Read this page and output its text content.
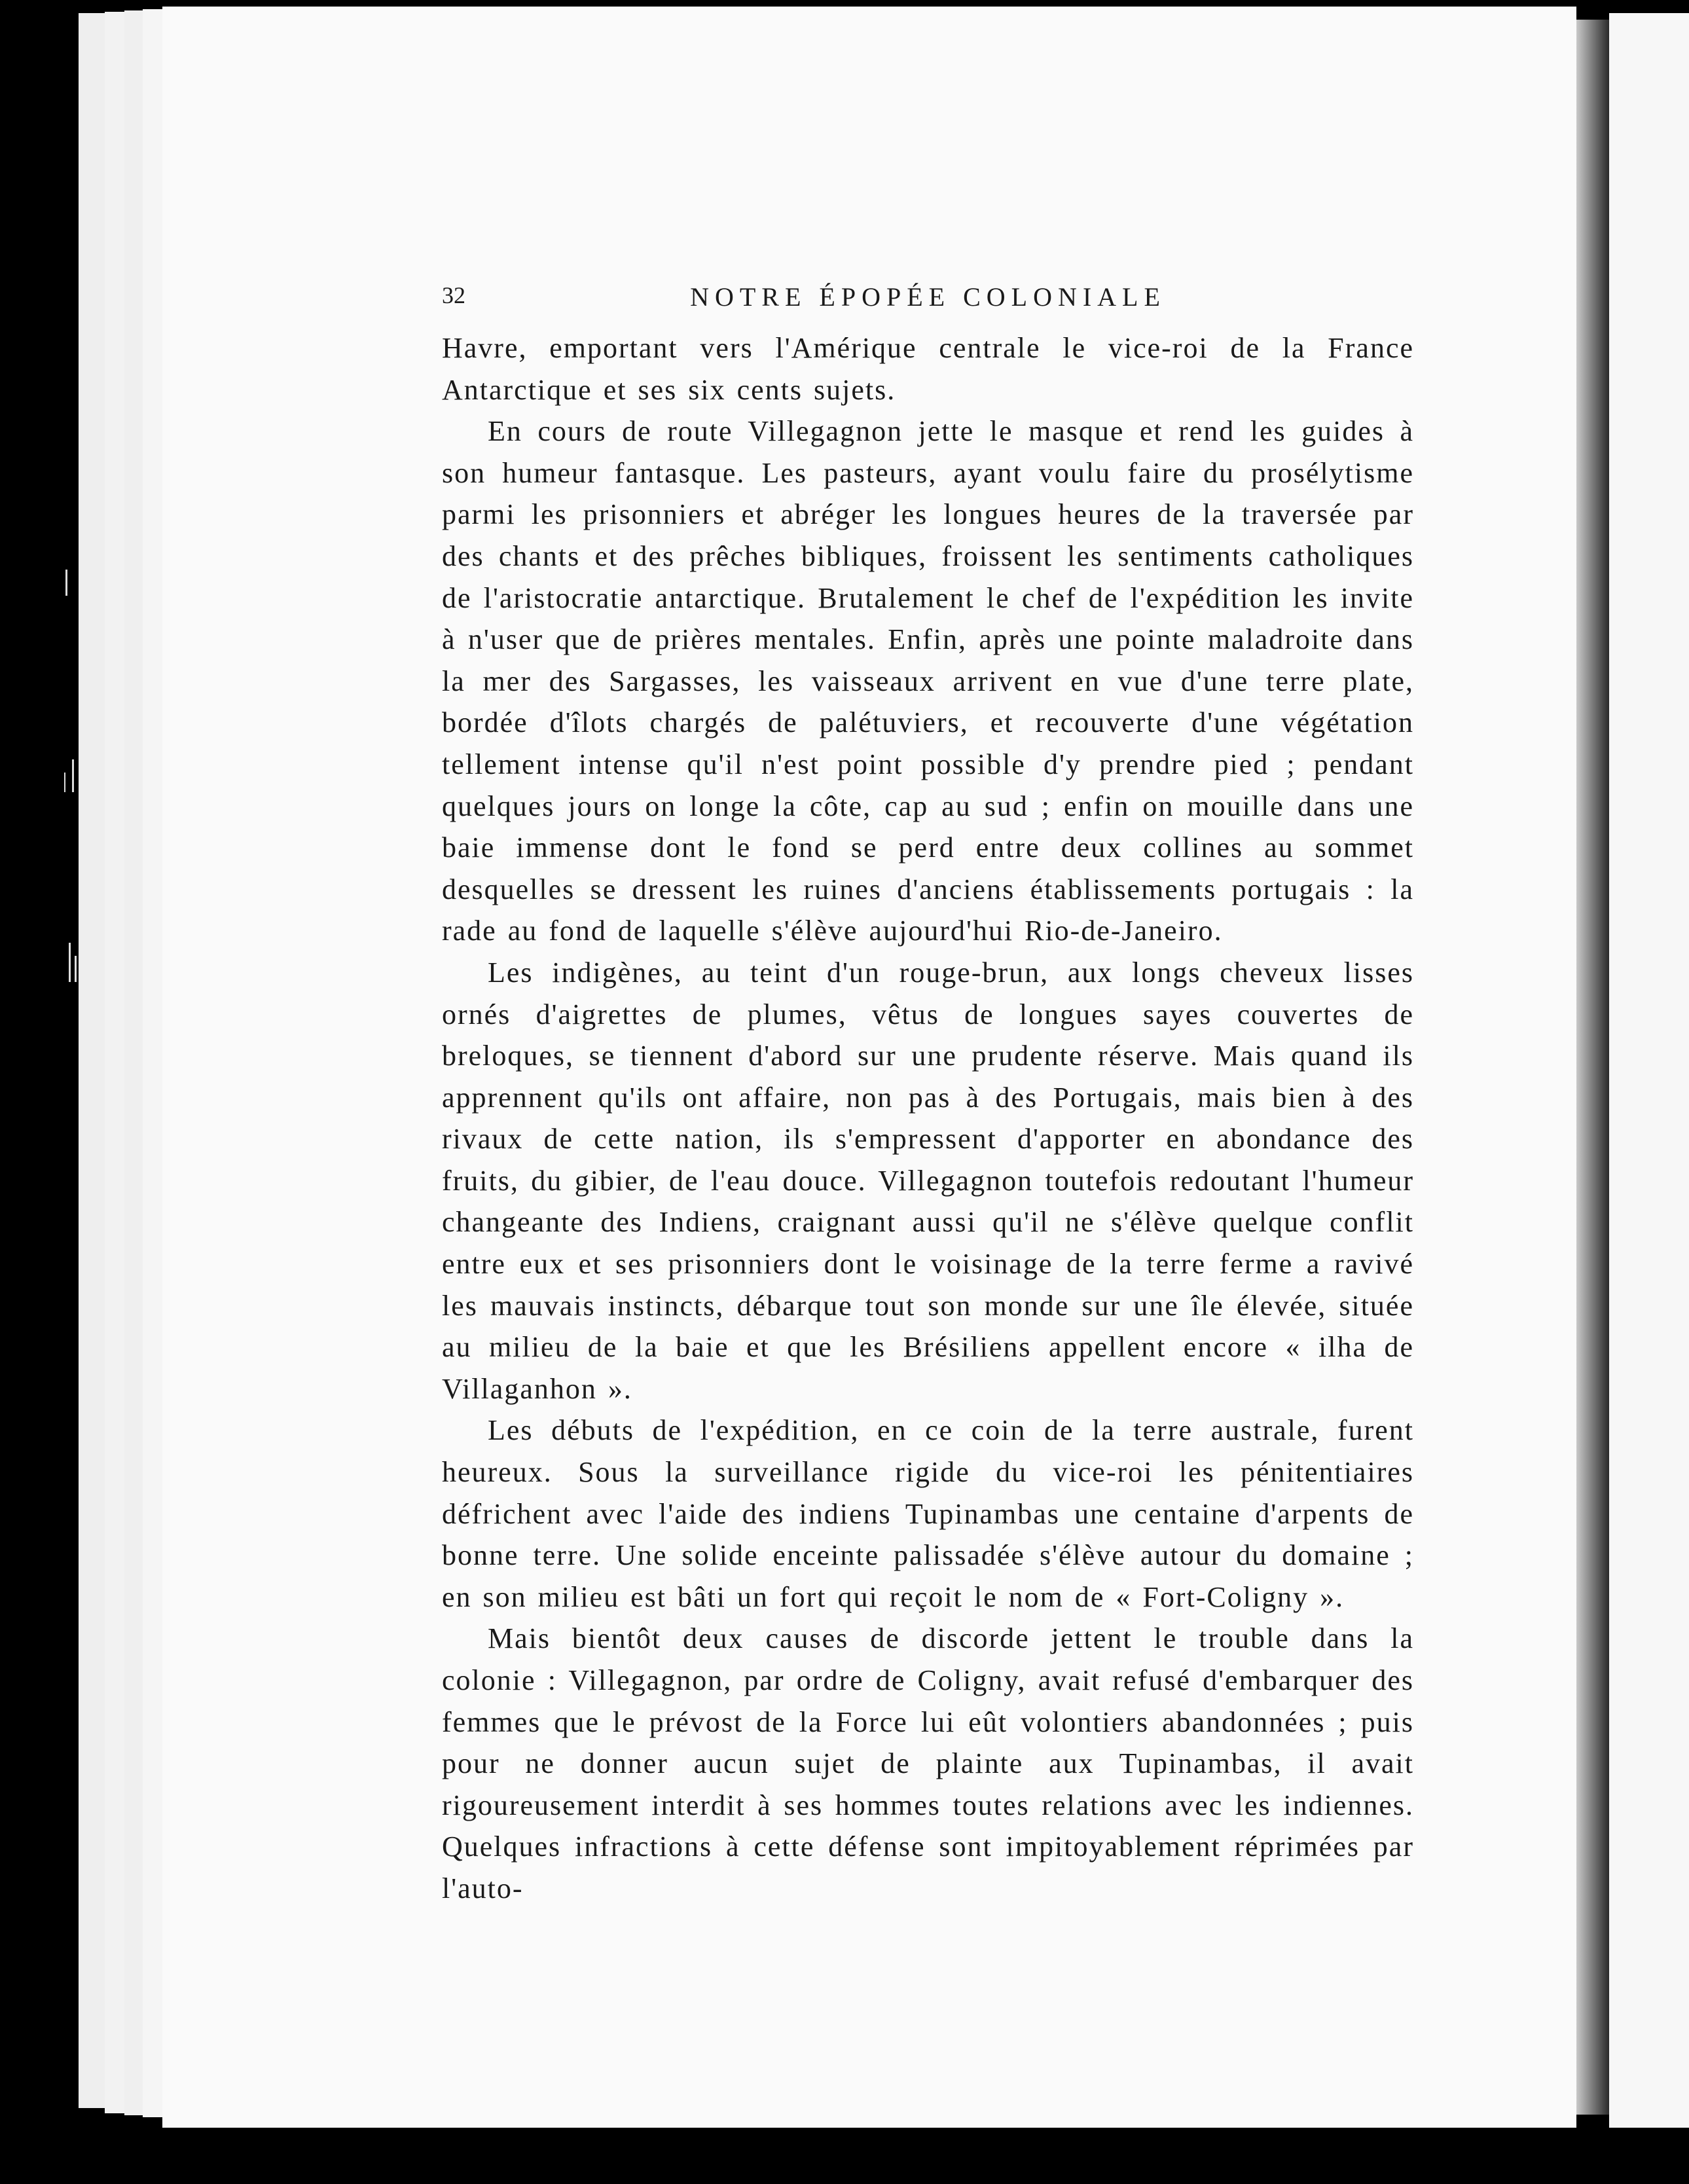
32	NOTRE ÉPOPÉE COLONIALE

Havre, emportant vers l'Amérique centrale le vice-roi de la France Antarctique et ses six cents sujets.

En cours de route Villegagnon jette le masque et rend les guides à son humeur fantasque. Les pasteurs, ayant voulu faire du prosélytisme parmi les prisonniers et abréger les longues heures de la traversée par des chants et des prêches bibliques, froissent les sentiments catholiques de l'aristocratie antarctique. Brutalement le chef de l'expédition les invite à n'user que de prières mentales. Enfin, après une pointe maladroite dans la mer des Sargasses, les vaisseaux arrivent en vue d'une terre plate, bordée d'îlots chargés de palétuviers, et recouverte d'une végétation tellement intense qu'il n'est point possible d'y prendre pied ; pendant quelques jours on longe la côte, cap au sud ; enfin on mouille dans une baie immense dont le fond se perd entre deux collines au sommet desquelles se dressent les ruines d'anciens établissements portugais : la rade au fond de laquelle s'élève aujourd'hui Rio-de-Janeiro.

Les indigènes, au teint d'un rouge-brun, aux longs cheveux lisses ornés d'aigrettes de plumes, vêtus de longues sayes couvertes de breloques, se tiennent d'abord sur une prudente réserve. Mais quand ils apprennent qu'ils ont affaire, non pas à des Portugais, mais bien à des rivaux de cette nation, ils s'empressent d'apporter en abondance des fruits, du gibier, de l'eau douce. Villegagnon toutefois redoutant l'humeur changeante des Indiens, craignant aussi qu'il ne s'élève quelque conflit entre eux et ses prisonniers dont le voisinage de la terre ferme a ravivé les mauvais instincts, débarque tout son monde sur une île élevée, située au milieu de la baie et que les Brésiliens appellent encore « ilha de Villaganhon ».

Les débuts de l'expédition, en ce coin de la terre australe, furent heureux. Sous la surveillance rigide du vice-roi les pénitentiaires défrichent avec l'aide des indiens Tupinambas une centaine d'arpents de bonne terre. Une solide enceinte palissadée s'élève autour du domaine ; en son milieu est bâti un fort qui reçoit le nom de « Fort-Coligny ».

Mais bientôt deux causes de discorde jettent le trouble dans la colonie : Villegagnon, par ordre de Coligny, avait refusé d'embarquer des femmes que le prévost de la Force lui eût volontiers abandonnées ; puis pour ne donner aucun sujet de plainte aux Tupinambas, il avait rigoureusement interdit à ses hommes toutes relations avec les indiennes. Quelques infractions à cette défense sont impitoyablement réprimées par l'auto-
